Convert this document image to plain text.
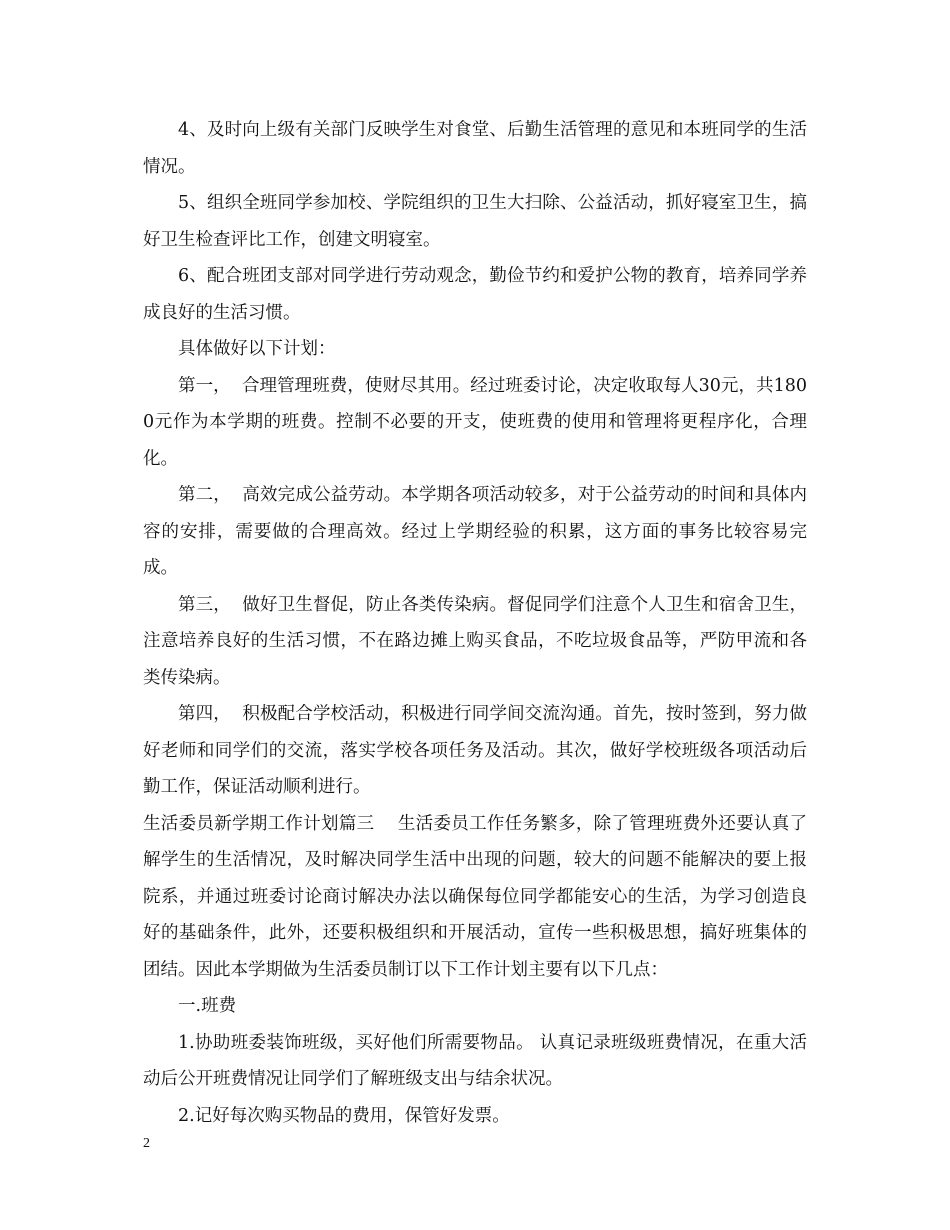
4、及时向上级有关部门反映学生对食堂、后勤生活管理的意见和本班同学的生活情况。

5、组织全班同学参加校、学院组织的卫生大扫除、公益活动，抓好寝室卫生，搞好卫生检查评比工作，创建文明寝室。

6、配合班团支部对同学进行劳动观念，勤俭节约和爱护公物的教育，培养同学养成良好的生活习惯。

具体做好以下计划：

第一，  合理管理班费，使财尽其用。经过班委讨论，决定收取每人30元，共1800元作为本学期的班费。控制不必要的开支，使班费的使用和管理将更程序化，合理化。

第二，  高效完成公益劳动。本学期各项活动较多，对于公益劳动的时间和具体内容的安排，需要做的合理高效。经过上学期经验的积累，这方面的事务比较容易完成。

第三，  做好卫生督促，防止各类传染病。督促同学们注意个人卫生和宿舍卫生，注意培养良好的生活习惯，不在路边摊上购买食品，不吃垃圾食品等，严防甲流和各类传染病。

第四，  积极配合学校活动，积极进行同学间交流沟通。首先，按时签到，努力做好老师和同学们的交流，落实学校各项任务及活动。其次，做好学校班级各项活动后勤工作，保证活动顺利进行。

生活委员新学期工作计划篇三    生活委员工作任务繁多，除了管理班费外还要认真了解学生的生活情况，及时解决同学生活中出现的问题，较大的问题不能解决的要上报院系，并通过班委讨论商讨解决办法以确保每位同学都能安心的生活，为学习创造良好的基础条件，此外，还要积极组织和开展活动，宣传一些积极思想，搞好班集体的团结。因此本学期做为生活委员制订以下工作计划主要有以下几点：

一.班费

1.协助班委装饰班级，买好他们所需要物品。 认真记录班级班费情况，在重大活动后公开班费情况让同学们了解班级支出与结余状况。

2.记好每次购买物品的费用，保管好发票。

2
